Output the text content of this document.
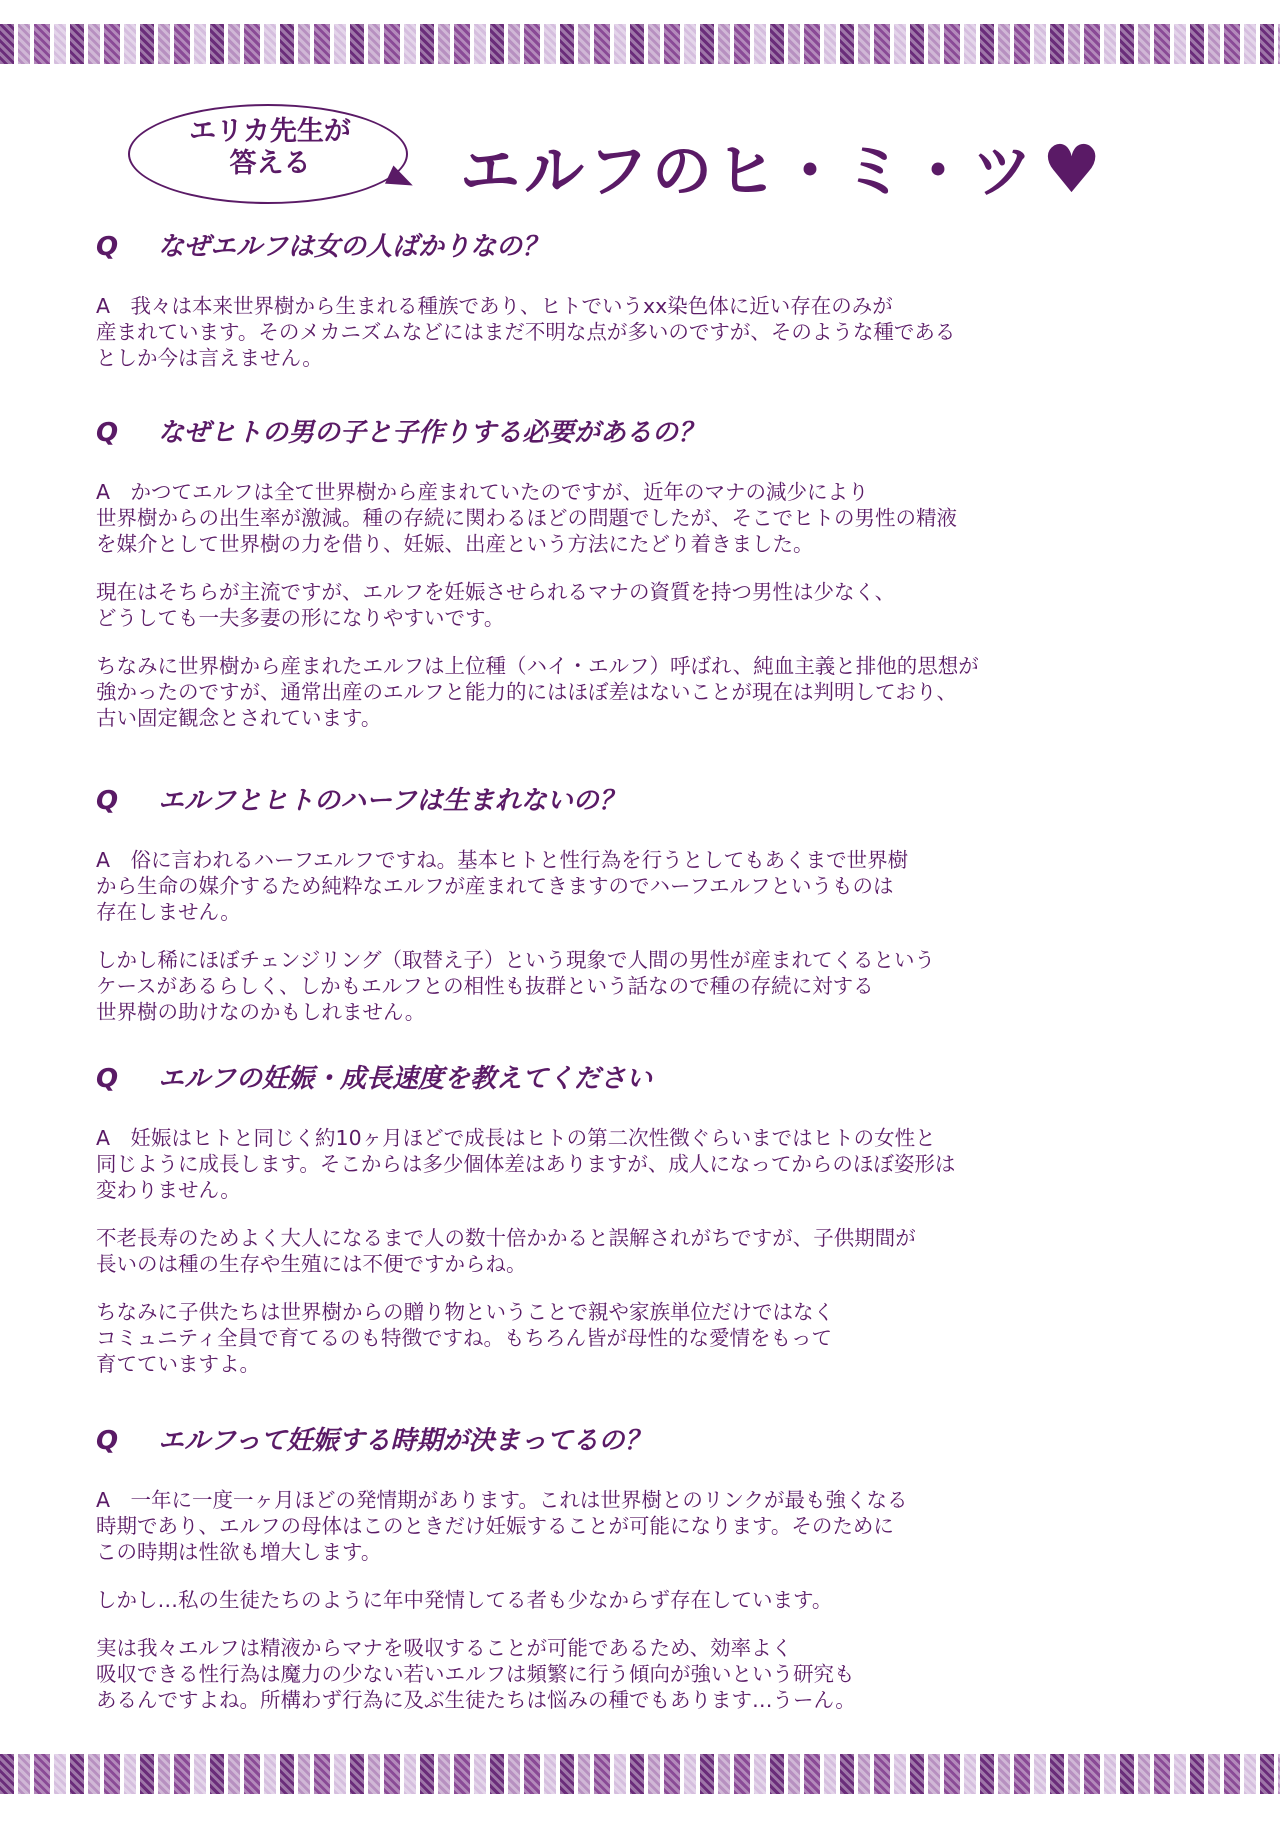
エリカ先生が
答える	エルフのヒ・ミ・ツ♥

Q なぜエルフは女の人ばかりなの？

A　我々は本来世界樹から生まれる種族であり、ヒトでいうxx染色体に近い存在のみが
産まれています。そのメカニズムなどにはまだ不明な点が多いのですが、そのような種である
としか今は言えません。

Q なぜヒトの男の子と子作りする必要があるの？

A　かつてエルフは全て世界樹から産まれていたのですが、近年のマナの減少により
世界樹からの出生率が激減。種の存続に関わるほどの問題でしたが、そこでヒトの男性の精液
を媒介として世界樹の力を借り、妊娠、出産という方法にたどり着きました。

現在はそちらが主流ですが、エルフを妊娠させられるマナの資質を持つ男性は少なく、
どうしても一夫多妻の形になりやすいです。

ちなみに世界樹から産まれたエルフは上位種（ハイ・エルフ）呼ばれ、純血主義と排他的思想が
強かったのですが、通常出産のエルフと能力的にはほぼ差はないことが現在は判明しており、
古い固定観念とされています。

Q エルフとヒトのハーフは生まれないの？

A　俗に言われるハーフエルフですね。基本ヒトと性行為を行うとしてもあくまで世界樹
から生命の媒介するため純粋なエルフが産まれてきますのでハーフエルフというものは
存在しません。

しかし稀にほぼチェンジリング（取替え子）という現象で人間の男性が産まれてくるという
ケースがあるらしく、しかもエルフとの相性も抜群という話なので種の存続に対する
世界樹の助けなのかもしれません。

Q エルフの妊娠・成長速度を教えてください

A　妊娠はヒトと同じく約10ヶ月ほどで成長はヒトの第二次性徴ぐらいまではヒトの女性と
同じように成長します。そこからは多少個体差はありますが、成人になってからのほぼ姿形は
変わりません。

不老長寿のためよく大人になるまで人の数十倍かかると誤解されがちですが、子供期間が
長いのは種の生存や生殖には不便ですからね。

ちなみに子供たちは世界樹からの贈り物ということで親や家族単位だけではなく
コミュニティ全員で育てるのも特徴ですね。もちろん皆が母性的な愛情をもって
育てていますよ。

Q エルフって妊娠する時期が決まってるの？

A　一年に一度一ヶ月ほどの発情期があります。これは世界樹とのリンクが最も強くなる
時期であり、エルフの母体はこのときだけ妊娠することが可能になります。そのために
この時期は性欲も増大します。

しかし…私の生徒たちのように年中発情してる者も少なからず存在しています。

実は我々エルフは精液からマナを吸収することが可能であるため、効率よく
吸収できる性行為は魔力の少ない若いエルフは頻繁に行う傾向が強いという研究も
あるんですよね。所構わず行為に及ぶ生徒たちは悩みの種でもあります…うーん。
